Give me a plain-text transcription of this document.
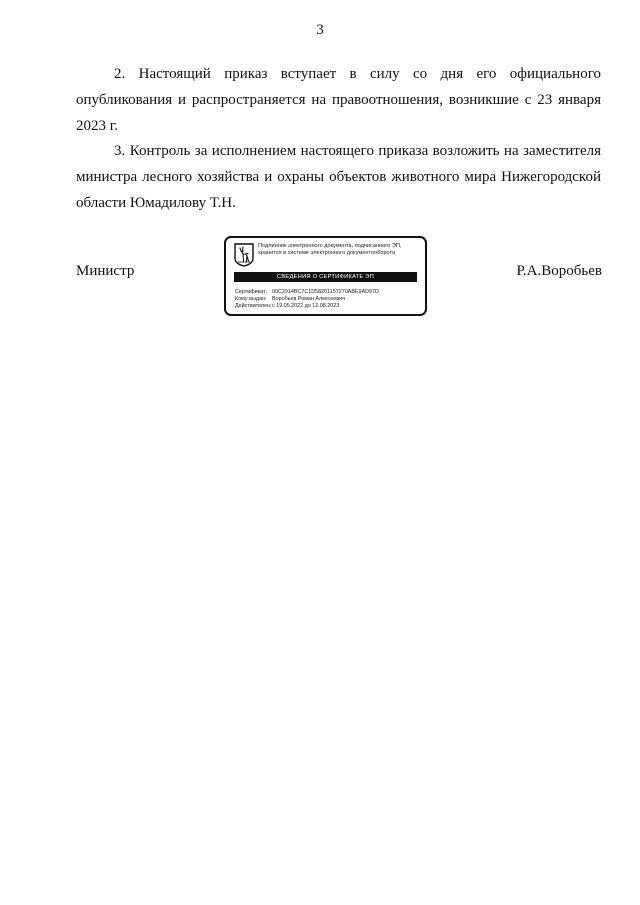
3

2. Настоящий приказ вступает в силу со дня его официального опубликования и распространяется на правоотношения, возникшие с 23 января 2023 г.

3. Контроль за исполнением настоящего приказа возложить на заместителя министра лесного хозяйства и охраны объектов животного мира Нижегородской области Юмадилову Т.Н.

Министр
Подлинник электронного документа, подписанного ЭП,
хранится в системе электронного документооборота
СВЕДЕНИЯ О СЕРТИФИКАТЕ ЭП
Сертификат: 00C2914BC7C1D58201157270ABE9AD97D
Кому выдан:	Воробьев Роман Алексеевич
Действителен: с 19.05.2022 до 12.08.2023
Р.А.Воробьев
